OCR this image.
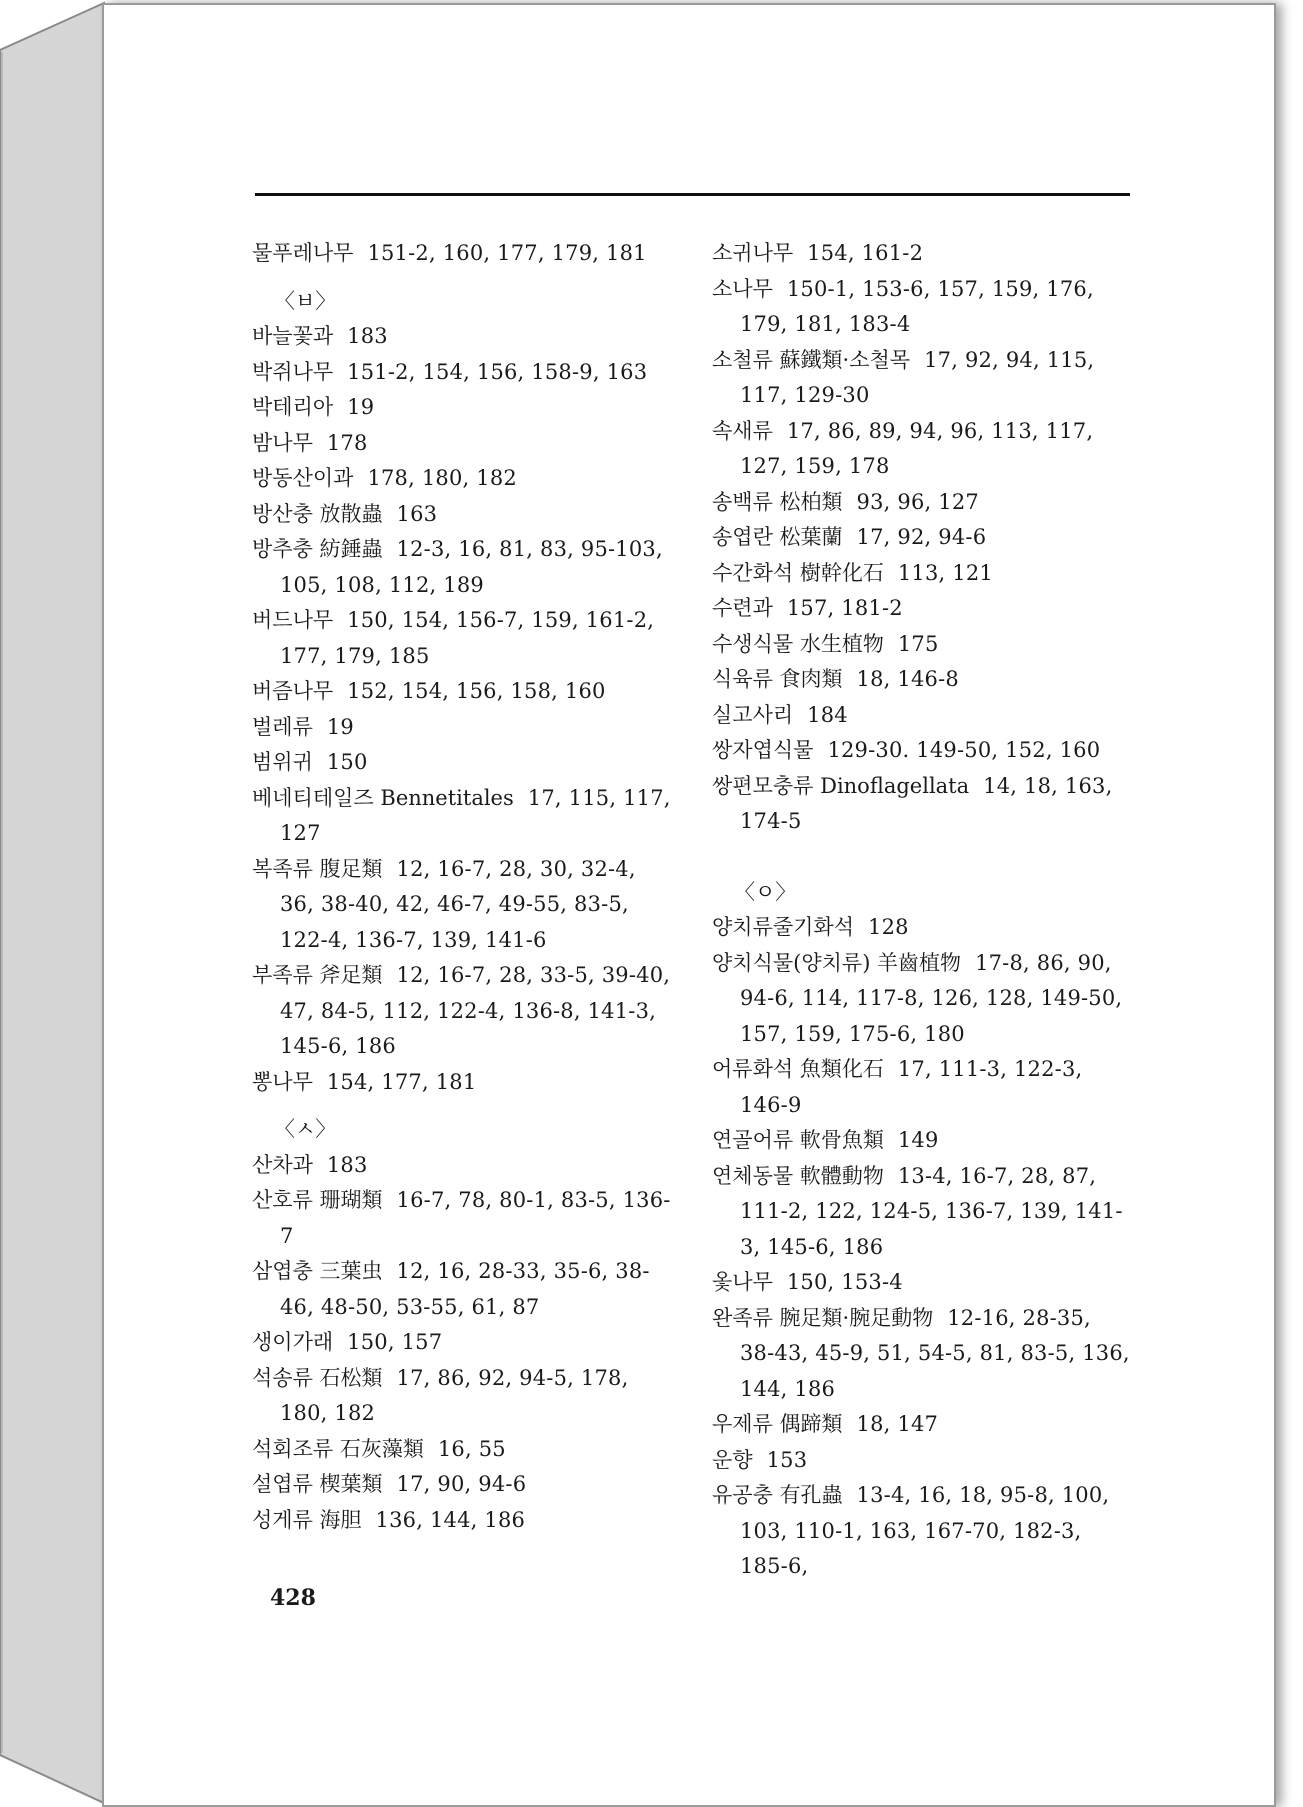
물푸레나무 151-2, 160, 177, 179, 181
〈ㅂ〉
바늘꽃과 183
박쥐나무 151-2, 154, 156, 158-9, 163
박테리아 19
밤나무 178
방동산이과 178, 180, 182
방산충 放散蟲 163
방추충 紡錘蟲 12-3, 16, 81, 83, 95-103, 105, 108, 112, 189
버드나무 150, 154, 156-7, 159, 161-2, 177, 179, 185
버즘나무 152, 154, 156, 158, 160
벌레류 19
범위귀 150
베네티테일즈 Bennetitales 17, 115, 117, 127
복족류 腹足類 12, 16-7, 28, 30, 32-4, 36, 38-40, 42, 46-7, 49-55, 83-5, 122-4, 136-7, 139, 141-6
부족류 斧足類 12, 16-7, 28, 33-5, 39-40, 47, 84-5, 112, 122-4, 136-8, 141-3, 145-6, 186
뽕나무 154, 177, 181
〈ㅅ〉
산차과 183
산호류 珊瑚類 16-7, 78, 80-1, 83-5, 136-7
삼엽충 三葉虫 12, 16, 28-33, 35-6, 38-46, 48-50, 53-55, 61, 87
생이가래 150, 157
석송류 石松類 17, 86, 92, 94-5, 178, 180, 182
석회조류 石灰藻類 16, 55
설엽류 楔葉類 17, 90, 94-6
성게류 海胆 136, 144, 186
소귀나무 154, 161-2
소나무 150-1, 153-6, 157, 159, 176, 179, 181, 183-4
소철류 蘇鐵類·소철목 17, 92, 94, 115, 117, 129-30
속새류 17, 86, 89, 94, 96, 113, 117, 127, 159, 178
송백류 松柏類 93, 96, 127
송엽란 松葉蘭 17, 92, 94-6
수간화석 樹幹化石 113, 121
수련과 157, 181-2
수생식물 水生植物 175
식육류 食肉類 18, 146-8
실고사리 184
쌍자엽식물 129-30. 149-50, 152, 160
쌍편모충류 Dinoflagellata 14, 18, 163, 174-5
〈ㅇ〉
양치류줄기화석 128
양치식물(양치류) 羊齒植物 17-8, 86, 90, 94-6, 114, 117-8, 126, 128, 149-50, 157, 159, 175-6, 180
어류화석 魚類化石 17, 111-3, 122-3, 146-9
연골어류 軟骨魚類 149
연체동물 軟體動物 13-4, 16-7, 28, 87, 111-2, 122, 124-5, 136-7, 139, 141-3, 145-6, 186
옻나무 150, 153-4
완족류 腕足類·腕足動物 12-16, 28-35, 38-43, 45-9, 51, 54-5, 81, 83-5, 136, 144, 186
우제류 偶蹄類 18, 147
운향 153
유공충 有孔蟲 13-4, 16, 18, 95-8, 100, 103, 110-1, 163, 167-70, 182-3, 185-6,
428
